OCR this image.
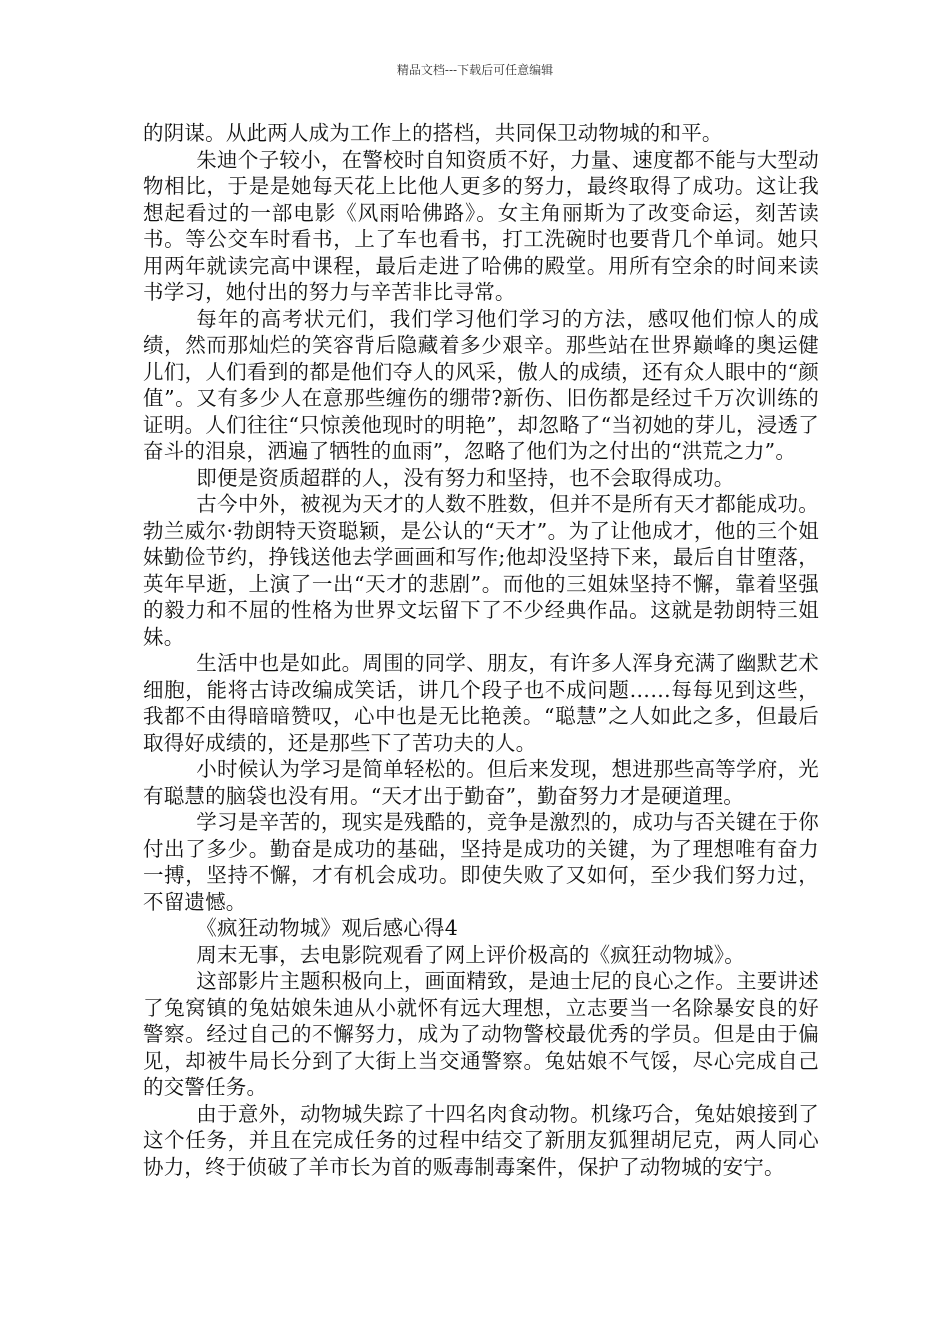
精品文档---下载后可任意编辑

的阴谋。从此两人成为工作上的搭档，共同保卫动物城的和平。

朱迪个子较小，在警校时自知资质不好，力量、速度都不能与大型动物相比，于是是她每天花上比他人更多的努力，最终取得了成功。这让我想起看过的一部电影《风雨哈佛路》。女主角丽斯为了改变命运，刻苦读书。等公交车时看书，上了车也看书，打工洗碗时也要背几个单词。她只用两年就读完高中课程，最后走进了哈佛的殿堂。用所有空余的时间来读书学习，她付出的努力与辛苦非比寻常。

每年的高考状元们，我们学习他们学习的方法，感叹他们惊人的成绩，然而那灿烂的笑容背后隐藏着多少艰辛。那些站在世界巅峰的奥运健儿们，人们看到的都是他们夺人的风采，傲人的成绩，还有众人眼中的“颜值”。又有多少人在意那些缠伤的绷带?新伤、旧伤都是经过千万次训练的证明。人们往往“只惊羡他现时的明艳”，却忽略了“当初她的芽儿，浸透了奋斗的泪泉，洒遍了牺牲的血雨”，忽略了他们为之付出的“洪荒之力”。

即便是资质超群的人，没有努力和坚持，也不会取得成功。

古今中外，被视为天才的人数不胜数，但并不是所有天才都能成功。勃兰威尔·勃朗特天资聪颖，是公认的“天才”。为了让他成才，他的三个姐妹勤俭节约，挣钱送他去学画画和写作;他却没坚持下来，最后自甘堕落，英年早逝，上演了一出“天才的悲剧”。而他的三姐妹坚持不懈，靠着坚强的毅力和不屈的性格为世界文坛留下了不少经典作品。这就是勃朗特三姐妹。

生活中也是如此。周围的同学、朋友，有许多人浑身充满了幽默艺术细胞，能将古诗改编成笑话，讲几个段子也不成问题……每每见到这些，我都不由得暗暗赞叹，心中也是无比艳羡。“聪慧”之人如此之多，但最后取得好成绩的，还是那些下了苦功夫的人。

小时候认为学习是简单轻松的。但后来发现，想进那些高等学府，光有聪慧的脑袋也没有用。“天才出于勤奋”，勤奋努力才是硬道理。

学习是辛苦的，现实是残酷的，竞争是激烈的，成功与否关键在于你付出了多少。勤奋是成功的基础，坚持是成功的关键，为了理想唯有奋力一搏，坚持不懈，才有机会成功。即使失败了又如何，至少我们努力过，不留遗憾。

《疯狂动物城》观后感心得4

周末无事，去电影院观看了网上评价极高的《疯狂动物城》。

这部影片主题积极向上，画面精致，是迪士尼的良心之作。主要讲述了兔窝镇的兔姑娘朱迪从小就怀有远大理想，立志要当一名除暴安良的好警察。经过自己的不懈努力，成为了动物警校最优秀的学员。但是由于偏见，却被牛局长分到了大街上当交通警察。兔姑娘不气馁，尽心完成自己的交警任务。

由于意外，动物城失踪了十四名肉食动物。机缘巧合，兔姑娘接到了这个任务，并且在完成任务的过程中结交了新朋友狐狸胡尼克，两人同心协力，终于侦破了羊市长为首的贩毒制毒案件，保护了动物城的安宁。
